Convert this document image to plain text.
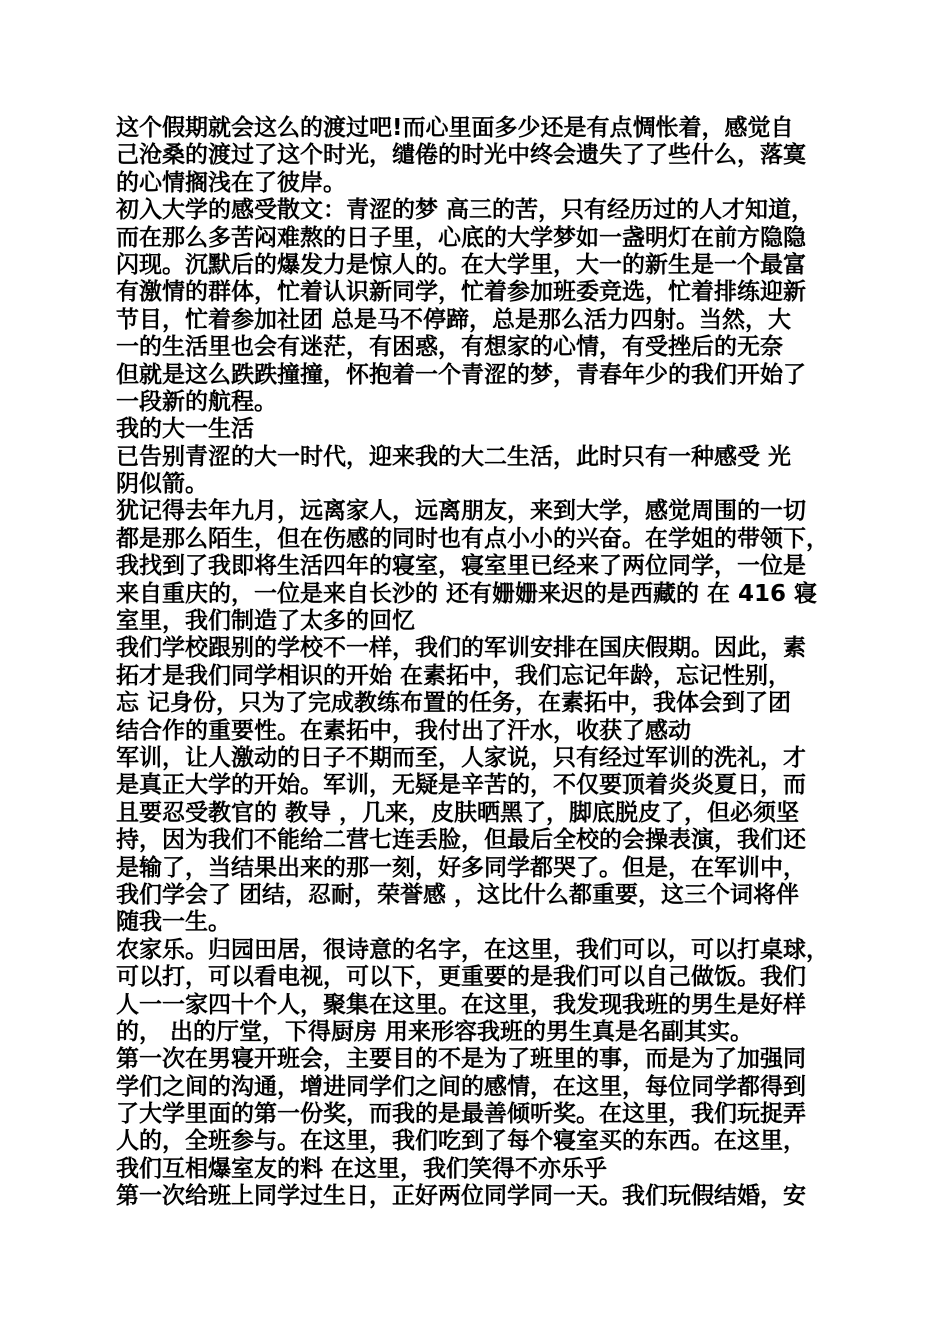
这个假期就会这么的渡过吧!而心里面多少还是有点惆怅着，感觉自
己沧桑的渡过了这个时光，缱倦的时光中终会遗失了了些什么，落寞
的心情搁浅在了彼岸。
初入大学的感受散文：青涩的梦 高三的苦，只有经历过的人才知道，
而在那么多苦闷难熬的日子里，心底的大学梦如一盏明灯在前方隐隐
闪现。沉默后的爆发力是惊人的。在大学里，大一的新生是一个最富
有激情的群体，忙着认识新同学，忙着参加班委竞选，忙着排练迎新
节目，忙着参加社团 总是马不停蹄，总是那么活力四射。当然，大
一的生活里也会有迷茫，有困惑，有想家的心情，有受挫后的无奈
但就是这么跌跌撞撞，怀抱着一个青涩的梦，青春年少的我们开始了
一段新的航程。
我的大一生活
已告别青涩的大一时代，迎来我的大二生活，此时只有一种感受 光
阴似箭。
犹记得去年九月，远离家人，远离朋友，来到大学，感觉周围的一切
都是那么陌生，但在伤感的同时也有点小小的兴奋。在学姐的带领下，
我找到了我即将生活四年的寝室，寝室里已经来了两位同学，一位是
来自重庆的，一位是来自长沙的 还有姗姗来迟的是西藏的 在 416 寝
室里，我们制造了太多的回忆
我们学校跟别的学校不一样，我们的军训安排在国庆假期。因此，素
拓才是我们同学相识的开始 在素拓中，我们忘记年龄，忘记性别，
忘 记身份，只为了完成教练布置的任务，在素拓中，我体会到了团
结合作的重要性。在素拓中，我付出了汗水，收获了感动
军训，让人激动的日子不期而至，人家说，只有经过军训的洗礼，才
是真正大学的开始。军训，无疑是辛苦的，不仅要顶着炎炎夏日，而
且要忍受教官的 教导 ，几来，皮肤晒黑了，脚底脱皮了，但必须坚
持，因为我们不能给二营七连丢脸，但最后全校的会操表演，我们还
是输了，当结果出来的那一刻，好多同学都哭了。但是，在军训中，
我们学会了 团结，忍耐，荣誉感 ，这比什么都重要，这三个词将伴
随我一生。
农家乐。归园田居，很诗意的名字，在这里，我们可以，可以打桌球，
可以打，可以看电视，可以下，更重要的是我们可以自己做饭。我们
人一一家四十个人，聚集在这里。在这里，我发现我班的男生是好样
的， 出的厅堂，下得厨房 用来形容我班的男生真是名副其实。
第一次在男寝开班会，主要目的不是为了班里的事，而是为了加强同
学们之间的沟通，增进同学们之间的感情，在这里，每位同学都得到
了大学里面的第一份奖，而我的是最善倾听奖。在这里，我们玩捉弄
人的，全班参与。在这里，我们吃到了每个寝室买的东西。在这里，
我们互相爆室友的料 在这里，我们笑得不亦乐乎
第一次给班上同学过生日，正好两位同学同一天。我们玩假结婚，安
